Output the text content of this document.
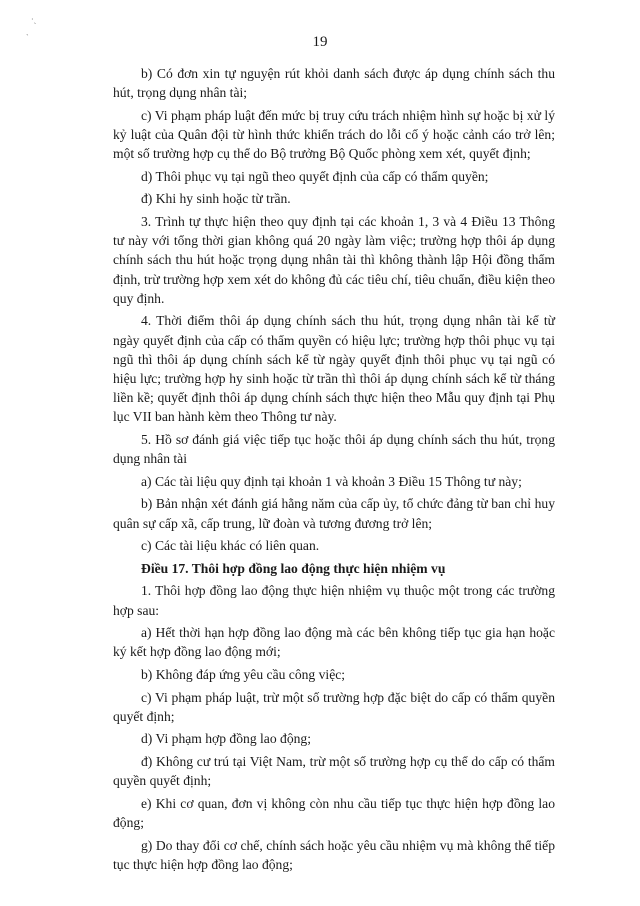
·ˎ
ˋ	19

b) Có đơn xin tự nguyện rút khỏi danh sách được áp dụng chính sách thu hút, trọng dụng nhân tài;

c) Vi phạm pháp luật đến mức bị truy cứu trách nhiệm hình sự hoặc bị xử lý kỷ luật của Quân đội từ hình thức khiển trách do lỗi cố ý hoặc cảnh cáo trở lên; một số trường hợp cụ thể do Bộ trưởng Bộ Quốc phòng xem xét, quyết định;

d) Thôi phục vụ tại ngũ theo quyết định của cấp có thẩm quyền;

đ) Khi hy sinh hoặc từ trần.

3. Trình tự thực hiện theo quy định tại các khoản 1, 3 và 4 Điều 13 Thông tư này với tổng thời gian không quá 20 ngày làm việc; trường hợp thôi áp dụng chính sách thu hút hoặc trọng dụng nhân tài thì không thành lập Hội đồng thẩm định, trừ trường hợp xem xét do không đủ các tiêu chí, tiêu chuẩn, điều kiện theo quy định.

4. Thời điểm thôi áp dụng chính sách thu hút, trọng dụng nhân tài kể từ ngày quyết định của cấp có thẩm quyền có hiệu lực; trường hợp thôi phục vụ tại ngũ thì thôi áp dụng chính sách kể từ ngày quyết định thôi phục vụ tại ngũ có hiệu lực; trường hợp hy sinh hoặc từ trần thì thôi áp dụng chính sách kể từ tháng liền kề; quyết định thôi áp dụng chính sách thực hiện theo Mẫu quy định tại Phụ lục VII ban hành kèm theo Thông tư này.

5. Hồ sơ đánh giá việc tiếp tục hoặc thôi áp dụng chính sách thu hút, trọng dụng nhân tài

a) Các tài liệu quy định tại khoản 1 và khoản 3 Điều 15 Thông tư này;

b) Bản nhận xét đánh giá hằng năm của cấp ủy, tổ chức đảng từ ban chỉ huy quân sự cấp xã, cấp trung, lữ đoàn và tương đương trở lên;

c) Các tài liệu khác có liên quan.

Điều 17. Thôi hợp đồng lao động thực hiện nhiệm vụ

1. Thôi hợp đồng lao động thực hiện nhiệm vụ thuộc một trong các trường hợp sau:

a) Hết thời hạn hợp đồng lao động mà các bên không tiếp tục gia hạn hoặc ký kết hợp đồng lao động mới;

b) Không đáp ứng yêu cầu công việc;

c) Vi phạm pháp luật, trừ một số trường hợp đặc biệt do cấp có thẩm quyền quyết định;

d) Vi phạm hợp đồng lao động;

đ) Không cư trú tại Việt Nam, trừ một số trường hợp cụ thể do cấp có thẩm quyền quyết định;

e) Khi cơ quan, đơn vị không còn nhu cầu tiếp tục thực hiện hợp đồng lao động;

g) Do thay đổi cơ chế, chính sách hoặc yêu cầu nhiệm vụ mà không thể tiếp tục thực hiện hợp đồng lao động;
